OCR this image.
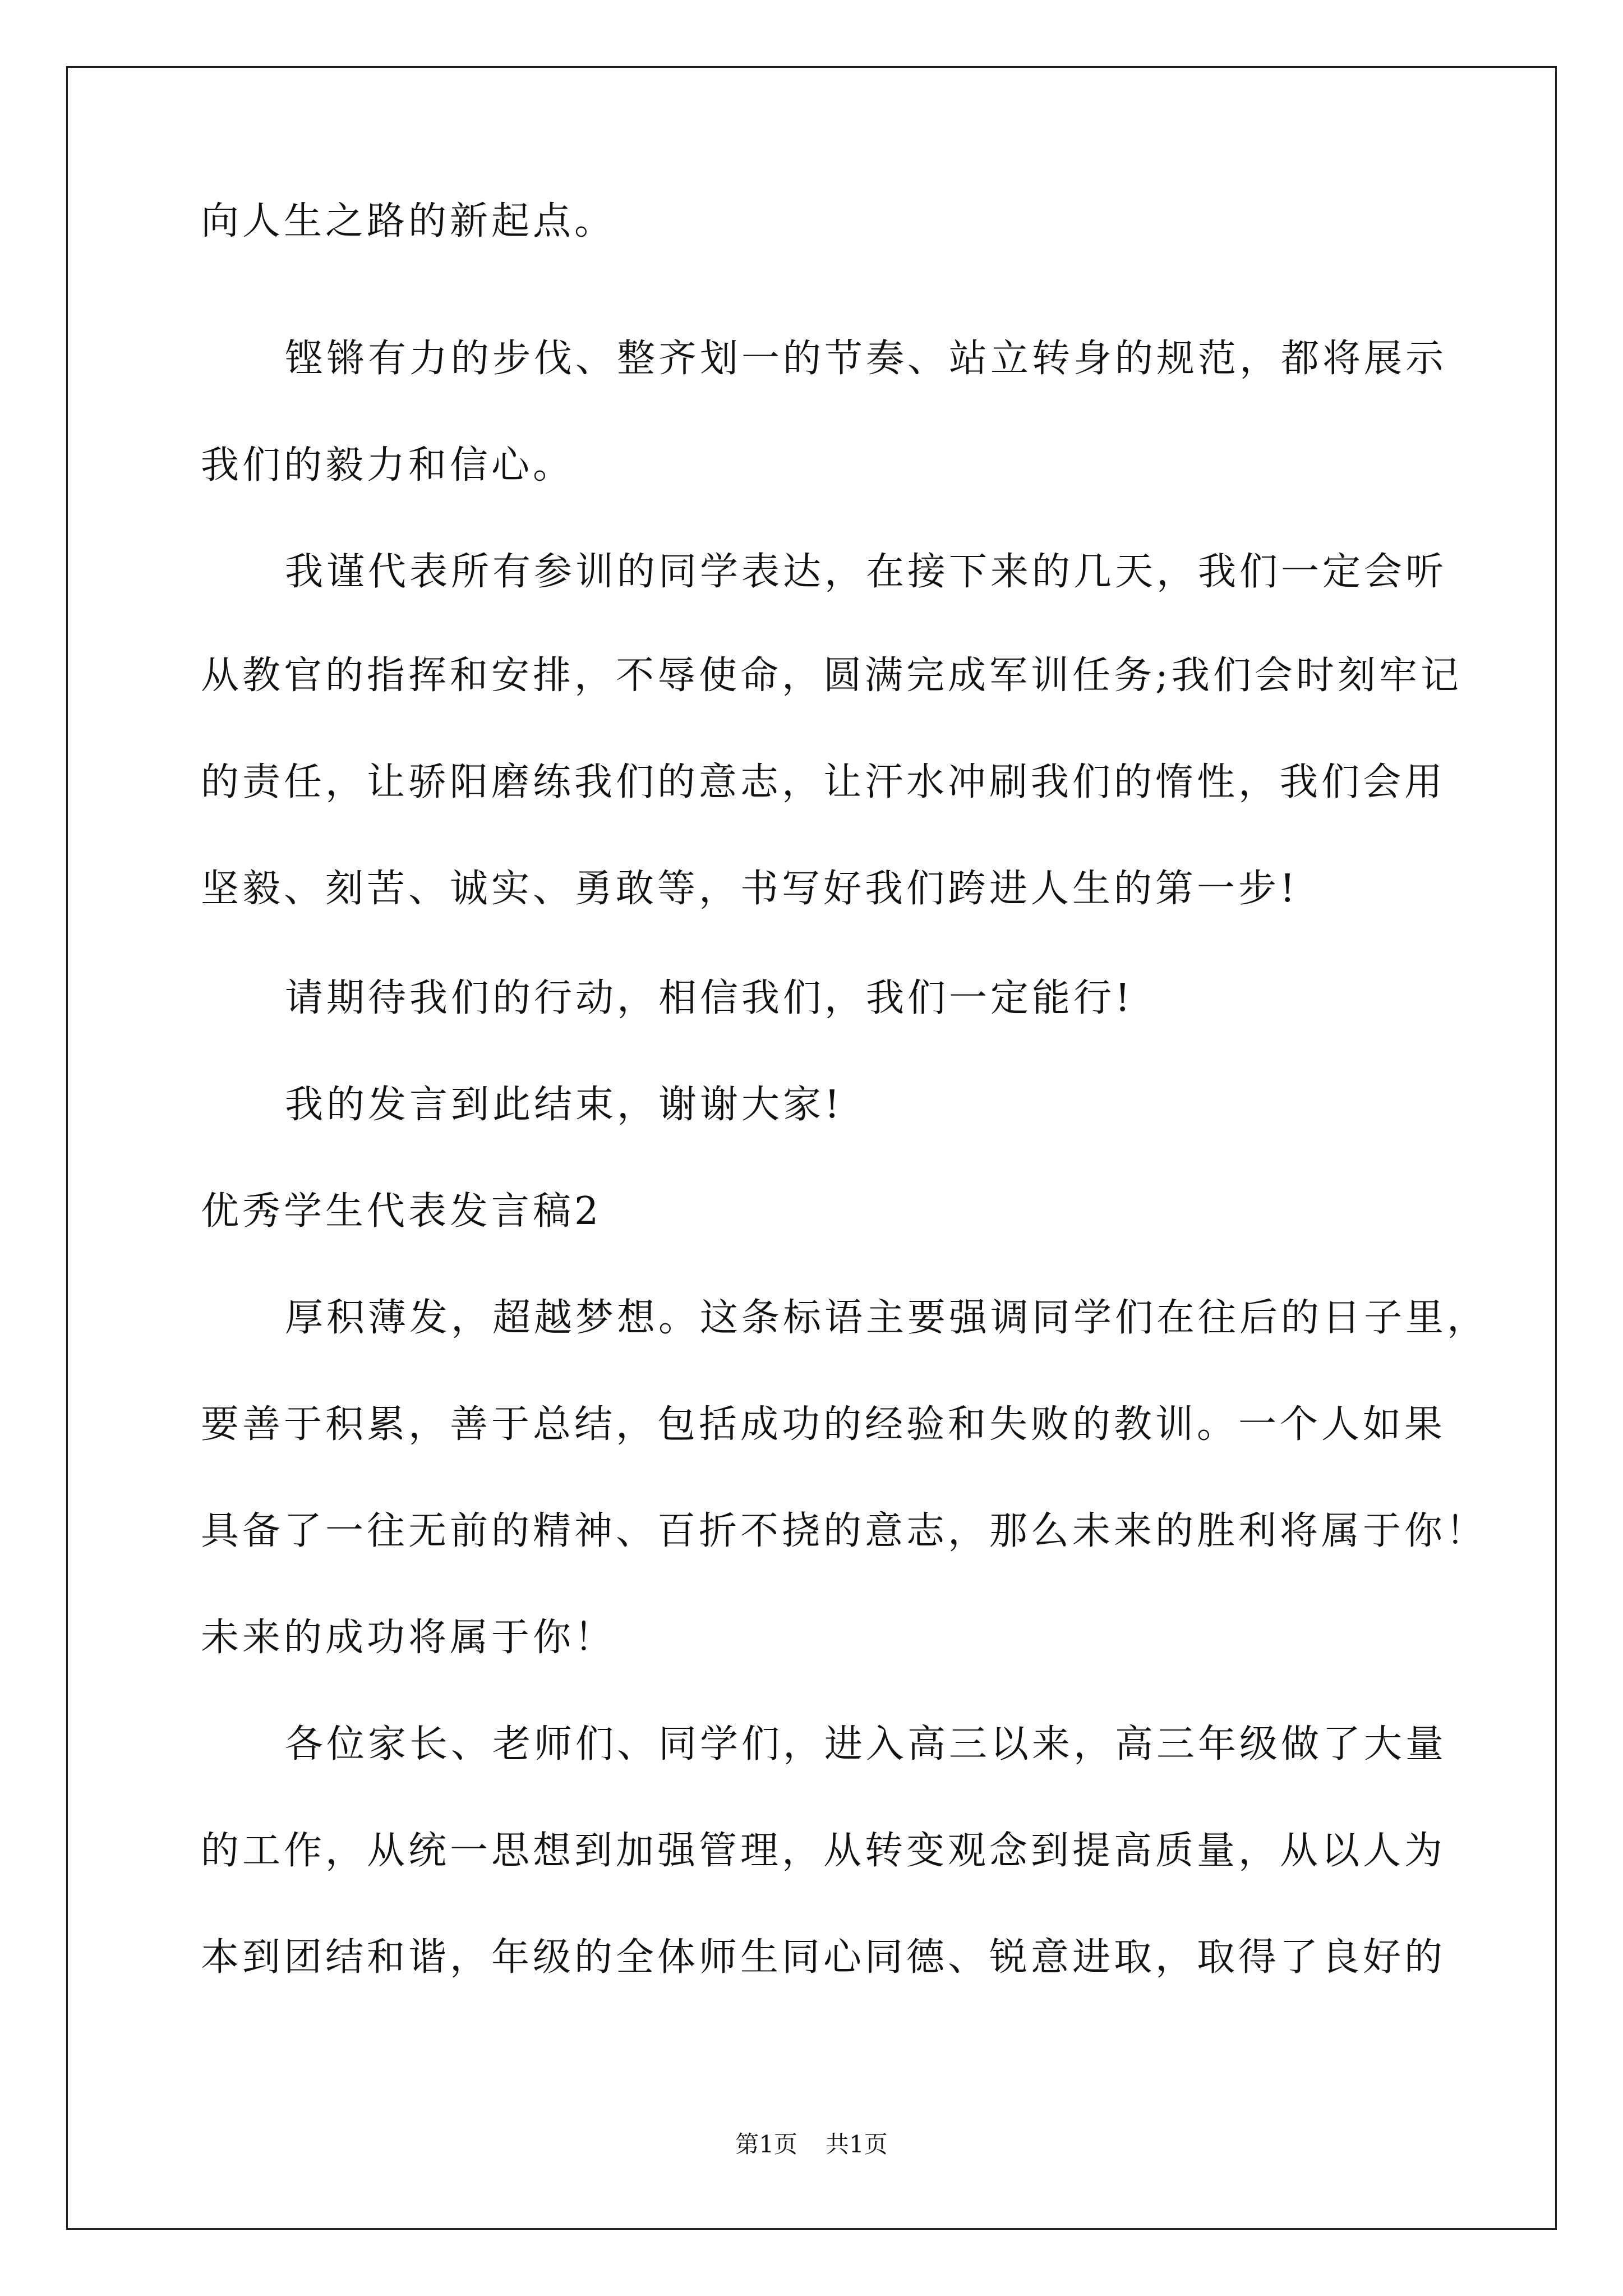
向人生之路的新起点。
铿锵有力的步伐、整齐划一的节奏、站立转身的规范，都将展示
我们的毅力和信心。
我谨代表所有参训的同学表达，在接下来的几天，我们一定会听
从教官的指挥和安排，不辱使命，圆满完成军训任务;我们会时刻牢记
的责任，让骄阳磨练我们的意志，让汗水冲刷我们的惰性，我们会用
坚毅、刻苦、诚实、勇敢等，书写好我们跨进人生的第一步!
请期待我们的行动，相信我们，我们一定能行!
我的发言到此结束，谢谢大家!
优秀学生代表发言稿2
厚积薄发，超越梦想。这条标语主要强调同学们在往后的日子里，
要善于积累，善于总结，包括成功的经验和失败的教训。一个人如果
具备了一往无前的精神、百折不挠的意志，那么未来的胜利将属于你！
未来的成功将属于你！
各位家长、老师们、同学们，进入高三以来，高三年级做了大量
的工作，从统一思想到加强管理，从转变观念到提高质量，从以人为
本到团结和谐，年级的全体师生同心同德、锐意进取，取得了良好的
第1页 共1页
